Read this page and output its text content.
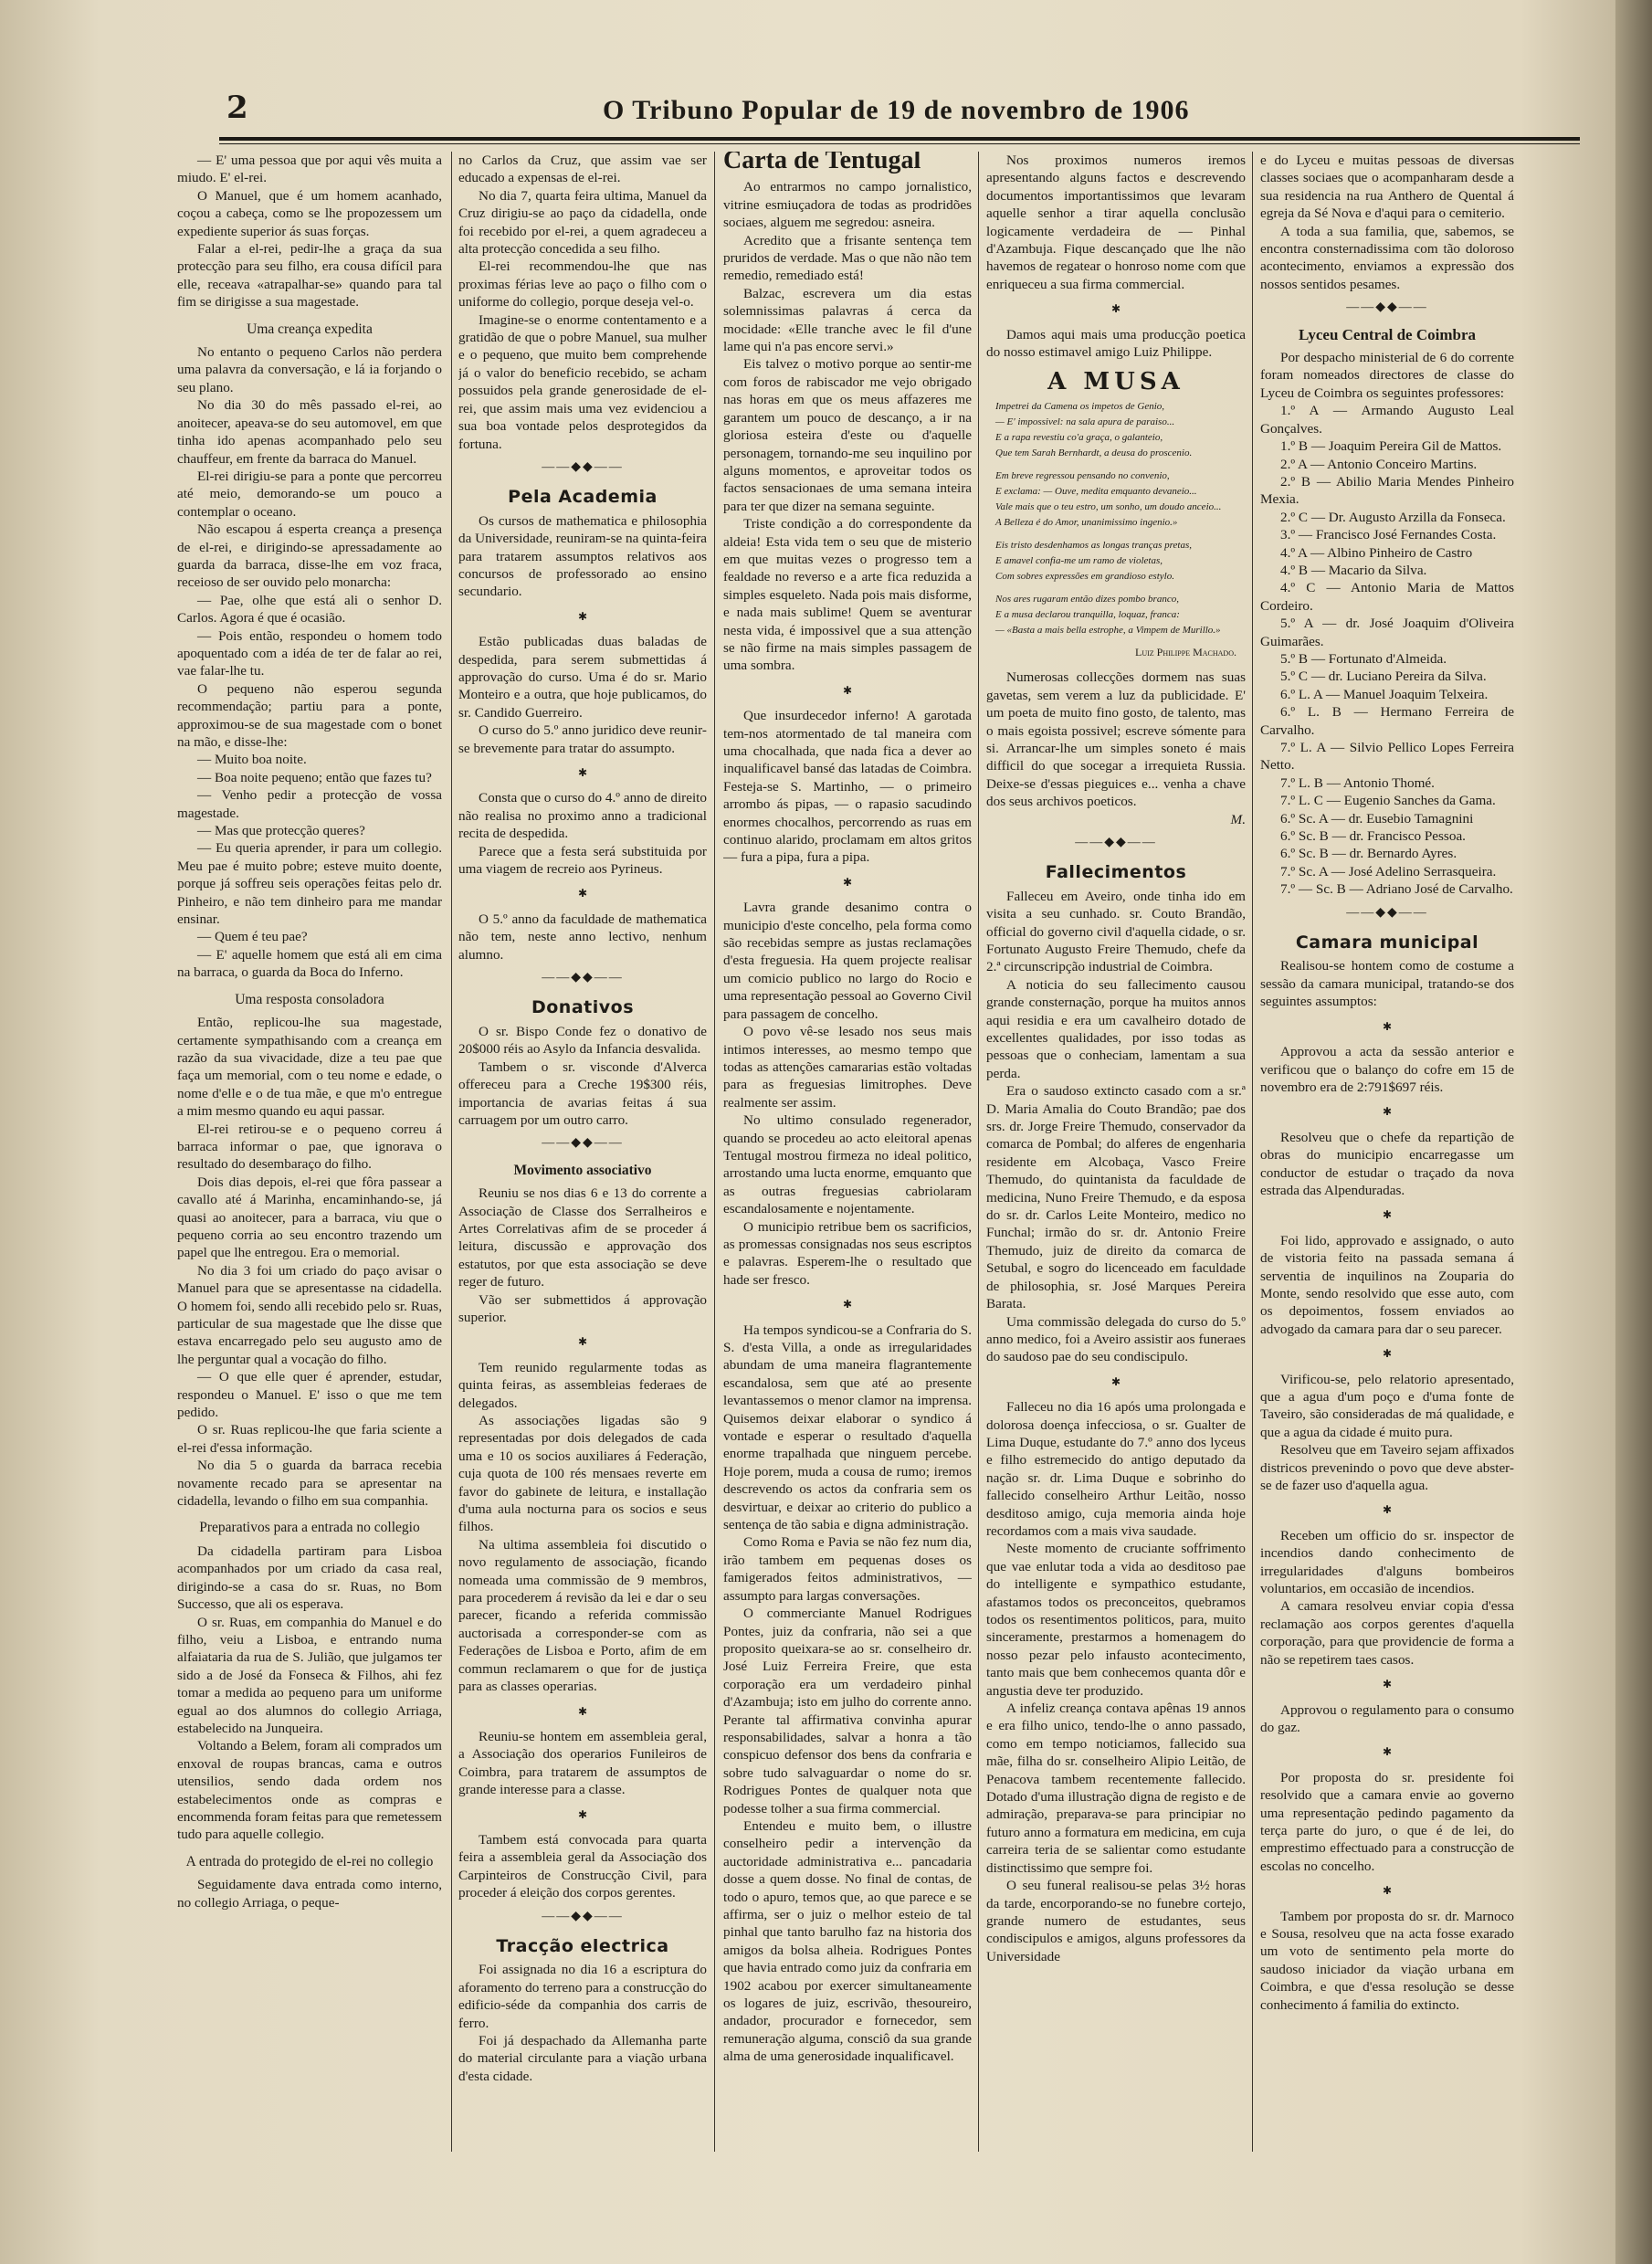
2	O Tribuno Popular de 19 de novembro de 1906

— E' uma pessoa que por aqui vês muita a miudo. E' el-rei.

O Manuel, que é um homem acanhado, coçou a cabeça, como se lhe propozessem um expediente superior ás suas forças.

Falar a el-rei, pedir-lhe a graça da sua protecção para seu filho, era cousa difícil para elle, receava «atrapalhar-se» quando para tal fim se dirigisse a sua magestade.

Uma creança expedita

No entanto o pequeno Carlos não perdera uma palavra da conversação, e lá ia forjando o seu plano.

No dia 30 do mês passado el-rei, ao anoitecer, apeava-se do seu automovel, em que tinha ido apenas acompanhado pelo seu chauffeur, em frente da barraca do Manuel.

El-rei dirigiu-se para a ponte que percorreu até meio, demorando-se um pouco a contemplar o oceano.

Não escapou á esperta creança a presença de el-rei, e dirigindo-se apressadamente ao guarda da barraca, disse-lhe em voz fraca, receioso de ser ouvido pelo monarcha:

— Pae, olhe que está ali o senhor D. Carlos. Agora é que é ocasião.

— Pois então, respondeu o homem todo apoquentado com a idéa de ter de falar ao rei, vae falar-lhe tu.

O pequeno não esperou segunda recommendação; partiu para a ponte, approximou-se de sua magestade com o bonet na mão, e disse-lhe:

— Muito boa noite.

— Boa noite pequeno; então que fazes tu?

— Venho pedir a protecção de vossa magestade.

— Mas que protecção queres?

— Eu queria aprender, ir para um collegio. Meu pae é muito pobre; esteve muito doente, porque já soffreu seis operações feitas pelo dr. Pinheiro, e não tem dinheiro para me mandar ensinar.

— Quem é teu pae?

— E' aquelle homem que está ali em cima na barraca, o guarda da Boca do Inferno.

Uma resposta consoladora

Então, replicou-lhe sua magestade, certamente sympathisando com a creança em razão da sua vivacidade, dize a teu pae que faça um memorial, com o teu nome e edade, o nome d'elle e o de tua mãe, e que m'o entregue a mim mesmo quando eu aqui passar.

El-rei retirou-se e o pequeno correu á barraca informar o pae, que ignorava o resultado do desembaraço do filho.

Dois dias depois, el-rei que fôra passear a cavallo até á Marinha, encaminhando-se, já quasi ao anoitecer, para a barraca, viu que o pequeno corria ao seu encontro trazendo um papel que lhe entregou. Era o memorial.

No dia 3 foi um criado do paço avisar o Manuel para que se apresentasse na cidadella. O homem foi, sendo alli recebido pelo sr. Ruas, particular de sua magestade que lhe disse que estava encarregado pelo seu augusto amo de lhe perguntar qual a vocação do filho.

— O que elle quer é aprender, estudar, respondeu o Manuel. E' isso o que me tem pedido.

O sr. Ruas replicou-lhe que faria sciente a el-rei d'essa informação.

No dia 5 o guarda da barraca recebia novamente recado para se apresentar na cidadella, levando o filho em sua companhia.

Preparativos para a entrada no collegio

Da cidadella partiram para Lisboa acompanhados por um criado da casa real, dirigindo-se a casa do sr. Ruas, no Bom Successo, que ali os esperava.

O sr. Ruas, em companhia do Manuel e do filho, veiu a Lisboa, e entrando numa alfaiataria da rua de S. Julião, que julgamos ter sido a de José da Fonseca & Filhos, ahi fez tomar a medida ao pequeno para um uniforme egual ao dos alumnos do collegio Arriaga, estabelecido na Junqueira.

Voltando a Belem, foram ali comprados um enxoval de roupas brancas, cama e outros utensilios, sendo dada ordem nos estabelecimentos onde as compras e encommenda foram feitas para que remetessem tudo para aquelle collegio.

A entrada do protegido de el-rei no collegio

Seguidamente dava entrada como interno, no collegio Arriaga, o peque-

no Carlos da Cruz, que assim vae ser educado a expensas de el-rei.

No dia 7, quarta feira ultima, Manuel da Cruz dirigiu-se ao paço da cidadella, onde foi recebido por el-rei, a quem agradeceu a alta protecção concedida a seu filho.

El-rei recommendou-lhe que nas proximas férias leve ao paço o filho com o uniforme do collegio, porque deseja vel-o.

Imagine-se o enorme contentamento e a gratidão de que o pobre Manuel, sua mulher e o pequeno, que muito bem comprehende já o valor do beneficio recebido, se acham possuidos pela grande generosidade de el-rei, que assim mais uma vez evidenciou a sua boa vontade pelos desprotegidos da fortuna.

——◆◆——
Pela Academia

Os cursos de mathematica e philosophia da Universidade, reuniram-se na quinta-feira para tratarem assumptos relativos aos concursos de professorado ao ensino secundario.

✱

Estão publicadas duas baladas de despedida, para serem submettidas á approvação do curso. Uma é do sr. Mario Monteiro e a outra, que hoje publicamos, do sr. Candido Guerreiro.

O curso do 5.º anno juridico deve reunir-se brevemente para tratar do assumpto.

✱

Consta que o curso do 4.º anno de direito não realisa no proximo anno a tradicional recita de despedida.

Parece que a festa será substituida por uma viagem de recreio aos Pyrineus.

✱

O 5.º anno da faculdade de mathematica não tem, neste anno lectivo, nenhum alumno.

——◆◆——
Donativos

O sr. Bispo Conde fez o donativo de 20$000 réis ao Asylo da Infancia desvalida.

Tambem o sr. visconde d'Alverca offereceu para a Creche 19$300 réis, importancia de avarias feitas á sua carruagem por um outro carro.

——◆◆——
Movimento associativo

Reuniu se nos dias 6 e 13 do corrente a Associação de Classe dos Serralheiros e Artes Correlativas afim de se proceder á leitura, discussão e approvação dos estatutos, por que esta associação se deve reger de futuro.

Vão ser submettidos á approvação superior.

✱

Tem reunido regularmente todas as quinta feiras, as assembleias federaes de delegados.

As associações ligadas são 9 representadas por dois delegados de cada uma e 10 os socios auxiliares á Federação, cuja quota de 100 rés mensaes reverte em favor do gabinete de leitura, e installação d'uma aula nocturna para os socios e seus filhos.

Na ultima assembleia foi discutido o novo regulamento de associação, ficando nomeada uma commissão de 9 membros, para procederem á revisão da lei e dar o seu parecer, ficando a referida commissão auctorisada a corresponder-se com as Federações de Lisboa e Porto, afim de em commun reclamarem o que for de justiça para as classes operarias.

✱

Reuniu-se hontem em assembleia geral, a Associação dos operarios Funileiros de Coimbra, para tratarem de assumptos de grande interesse para a classe.

✱

Tambem está convocada para quarta feira a assembleia geral da Associação dos Carpinteiros de Construcção Civil, para proceder á eleição dos corpos gerentes.

——◆◆——
Tracção electrica

Foi assignada no dia 16 a escriptura do aforamento do terreno para a construcção do edificio-séde da companhia dos carris de ferro.

Foi já despachado da Allemanha parte do material circulante para a viação urbana d'esta cidade.

Carta de Tentugal

Ao entrarmos no campo jornalistico, vitrine esmiuçadora de todas as prodridões sociaes, alguem me segredou: asneira.

Acredito que a frisante sentença tem pruridos de verdade. Mas o que não não tem remedio, remediado está!

Balzac, escrevera um dia estas solemnissimas palavras á cerca da mocidade: «Elle tranche avec le fil d'une lame qui n'a pas encore servi.»

Eis talvez o motivo porque ao sentir-me com foros de rabiscador me vejo obrigado nas horas em que os meus affazeres me garantem um pouco de descanço, a ir na gloriosa esteira d'este ou d'aquelle personagem, tornando-me seu inquilino por alguns momentos, e aproveitar todos os factos sensacionaes de uma semana inteira para ter que dizer na semana seguinte.

Triste condição a do correspondente da aldeia! Esta vida tem o seu que de misterio em que muitas vezes o progresso tem a fealdade no reverso e a arte fica reduzida a simples esqueleto. Nada pois mais disforme, e nada mais sublime! Quem se aventurar nesta vida, é impossivel que a sua attenção se não firme na mais simples passagem de uma sombra.

✱

Que insurdecedor inferno! A garotada tem-nos atormentado de tal maneira com uma chocalhada, que nada fica a dever ao inqualificavel bansé das latadas de Coimbra. Festeja-se S. Martinho, — o primeiro arrombo ás pipas, — o rapasio sacudindo enormes chocalhos, percorrendo as ruas em continuo alarido, proclamam em altos gritos — fura a pipa, fura a pipa.

✱

Lavra grande desanimo contra o municipio d'este concelho, pela forma como são recebidas sempre as justas reclamações d'esta freguesia. Ha quem projecte realisar um comicio publico no largo do Rocio e uma representação pessoal ao Governo Civil para passagem de concelho.

O povo vê-se lesado nos seus mais intimos interesses, ao mesmo tempo que todas as attenções camararias estão voltadas para as freguesias limitrophes. Deve realmente ser assim.

No ultimo consulado regenerador, quando se procedeu ao acto eleitoral apenas Tentugal mostrou firmeza no ideal politico, arrostando uma lucta enorme, emquanto que as outras freguesias cabriolaram escandalosamente e nojentamente.

O municipio retribue bem os sacrificios, as promessas consignadas nos seus escriptos e palavras. Esperem-lhe o resultado que hade ser fresco.

✱

Ha tempos syndicou-se a Confraria do S. S. d'esta Villa, a onde as irregularidades abundam de uma maneira flagrantemente escandalosa, sem que até ao presente levantassemos o menor clamor na imprensa. Quisemos deixar elaborar o syndico á vontade e esperar o resultado d'aquella enorme trapalhada que ninguem percebe. Hoje porem, muda a cousa de rumo; iremos descrevendo os actos da confraria sem os desvirtuar, e deixar ao criterio do publico a sentença de tão sabia e digna administração.

Como Roma e Pavia se não fez num dia, irão tambem em pequenas doses os famigerados feitos administrativos, — assumpto para largas conversações.

O commerciante Manuel Rodrigues Pontes, juiz da confraria, não sei a que proposito queixara-se ao sr. conselheiro dr. José Luiz Ferreira Freire, que esta corporação era um verdadeiro pinhal d'Azambuja; isto em julho do corrente anno. Perante tal affirmativa convinha apurar responsabilidades, salvar a honra a tão conspicuo defensor dos bens da confraria e sobre tudo salvaguardar o nome do sr. Rodrigues Pontes de qualquer nota que podesse tolher a sua firma commercial.

Entendeu e muito bem, o illustre conselheiro pedir a intervenção da auctoridade administrativa e... pancadaria dosse a quem dosse. No final de contas, de todo o apuro, temos que, ao que parece e se affirma, ser o juiz o melhor esteio de tal pinhal que tanto barulho faz na historia dos amigos da bolsa alheia. Rodrigues Pontes que havia entrado como juiz da confraria em 1902 acabou por exercer simultaneamente os logares de juiz, escrivão, thesoureiro, andador, procurador e fornecedor, sem remuneração alguma, consciô da sua grande alma de uma generosidade inqualificavel.

Nos proximos numeros iremos apresentando alguns factos e descrevendo documentos importantissimos que levaram aquelle senhor a tirar aquella conclusão logicamente verdadeira de — Pinhal d'Azambuja. Fique descançado que lhe não havemos de regatear o honroso nome com que enriqueceu a sua firma commercial.

✱

Damos aqui mais uma producção poetica do nosso estimavel amigo Luiz Philippe.

A MUSA
Impetrei da Camena os impetos de Genio,
— E' impossivel: na sala apura de paraiso...
E a rapa revestiu co'a graça, o galanteio,
Que tem Sarah Bernhardt, a deusa do proscenio.
Em breve regressou pensando no convenio,
E exclama: — Ouve, medita emquanto devaneio...
Vale mais que o teu estro, um sonho, um doudo anceio...
A Belleza é do Amor, unanimissimo ingenio.»
Eis tristo desdenhamos as longas tranças pretas,
E amavel confia-me um ramo de violetas,
Com sobres expressões em grandioso estylo.
Nos ares rugaram então dizes pombo branco,
E a musa declarou tranquilla, loquaz, franca:
— «Basta a mais bella estrophe, a Vimpem de Murillo.»
Luiz Philippe Machado.

Numerosas collecções dormem nas suas gavetas, sem verem a luz da publicidade. E' um poeta de muito fino gosto, de talento, mas o mais egoista possivel; escreve sómente para si. Arrancar-lhe um simples soneto é mais difficil do que socegar a irrequieta Russia. Deixe-se d'essas pieguices e... venha a chave dos seus archivos poeticos.

M.
——◆◆——
Fallecimentos

Falleceu em Aveiro, onde tinha ido em visita a seu cunhado. sr. Couto Brandão, official do governo civil d'aquella cidade, o sr. Fortunato Augusto Freire Themudo, chefe da 2.ª circunscripção industrial de Coimbra.

A noticia do seu fallecimento causou grande consternação, porque ha muitos annos aqui residia e era um cavalheiro dotado de excellentes qualidades, por isso todas as pessoas que o conheciam, lamentam a sua perda.

Era o saudoso extincto casado com a sr.ª D. Maria Amalia do Couto Brandão; pae dos srs. dr. Jorge Freire Themudo, conservador da comarca de Pombal; do alferes de engenharia residente em Alcobaça, Vasco Freire Themudo, do quintanista da faculdade de medicina, Nuno Freire Themudo, e da esposa do sr. dr. Carlos Leite Monteiro, medico no Funchal; irmão do sr. dr. Antonio Freire Themudo, juiz de direito da comarca de Setubal, e sogro do licenceado em faculdade de philosophia, sr. José Marques Pereira Barata.

Uma commissão delegada do curso do 5.º anno medico, foi a Aveiro assistir aos funeraes do saudoso pae do seu condiscipulo.

✱

Falleceu no dia 16 após uma prolongada e dolorosa doença infecciosa, o sr. Gualter de Lima Duque, estudante do 7.º anno dos lyceus e filho estremecido do antigo deputado da nação sr. dr. Lima Duque e sobrinho do fallecido conselheiro Arthur Leitão, nosso desditoso amigo, cuja memoria ainda hoje recordamos com a mais viva saudade.

Neste momento de cruciante soffrimento que vae enlutar toda a vida ao desditoso pae do intelligente e sympathico estudante, afastamos todos os preconceitos, quebramos todos os resentimentos politicos, para, muito sinceramente, prestarmos a homenagem do nosso pezar pelo infausto acontecimento, tanto mais que bem conhecemos quanta dôr e angustia deve ter produzido.

A infeliz creança contava apênas 19 annos e era filho unico, tendo-lhe o anno passado, como em tempo noticiamos, fallecido sua mãe, filha do sr. conselheiro Alipio Leitão, de Penacova tambem recentemente fallecido. Dotado d'uma illustração digna de registo e de admiração, preparava-se para principiar no futuro anno a formatura em medicina, em cuja carreira teria de se salientar como estudante distinctissimo que sempre foi.

O seu funeral realisou-se pelas 3½ horas da tarde, encorporando-se no funebre cortejo, grande numero de estudantes, seus condiscipulos e amigos, alguns professores da Universidade

e do Lyceu e muitas pessoas de diversas classes sociaes que o acompanharam desde a sua residencia na rua Anthero de Quental á egreja da Sé Nova e d'aqui para o cemiterio.

A toda a sua familia, que, sabemos, se encontra consternadissima com tão doloroso acontecimento, enviamos a expressão dos nossos sentidos pesames.

——◆◆——
Lyceu Central de Coimbra

Por despacho ministerial de 6 do corrente foram nomeados directores de classe do Lyceu de Coimbra os seguintes professores:

1.º A — Armando Augusto Leal Gonçalves.

1.º B — Joaquim Pereira Gil de Mattos.

2.º A — Antonio Conceiro Martins.

2.º B — Abilio Maria Mendes Pinheiro Mexia.

2.º C — Dr. Augusto Arzilla da Fonseca.

3.º — Francisco José Fernandes Costa.

4.º A — Albino Pinheiro de Castro

4.º B — Macario da Silva.

4.º C — Antonio Maria de Mattos Cordeiro.

5.º A — dr. José Joaquim d'Oliveira Guimarães.

5.º B — Fortunato d'Almeida.

5.º C — dr. Luciano Pereira da Silva.

6.º L. A — Manuel Joaquim Telxeira.

6.º L. B — Hermano Ferreira de Carvalho.

7.º L. A — Silvio Pellico Lopes Ferreira Netto.

7.º L. B — Antonio Thomé.

7.º L. C — Eugenio Sanches da Gama.

6.º Sc. A — dr. Eusebio Tamagnini

6.º Sc. B — dr. Francisco Pessoa.

6.º Sc. B — dr. Bernardo Ayres.

7.º Sc. A — José Adelino Serrasqueira.

7.º — Sc. B — Adriano José de Carvalho.

——◆◆——
Camara municipal

Realisou-se hontem como de costume a sessão da camara municipal, tratando-se dos seguintes assumptos:

✱

Approvou a acta da sessão anterior e verificou que o balanço do cofre em 15 de novembro era de 2:791$697 réis.

✱

Resolveu que o chefe da repartição de obras do municipio encarregasse um conductor de estudar o traçado da nova estrada das Alpenduradas.

✱

Foi lido, approvado e assignado, o auto de vistoria feito na passada semana á serventia de inquilinos na Zouparia do Monte, sendo resolvido que esse auto, com os depoimentos, fossem enviados ao advogado da camara para dar o seu parecer.

✱

Virificou-se, pelo relatorio apresentado, que a agua d'um poço e d'uma fonte de Taveiro, são consideradas de má qualidade, e que a agua da cidade é muito pura.

Resolveu que em Taveiro sejam affixados districos prevenindo o povo que deve abster-se de fazer uso d'aquella agua.

✱

Receben um officio do sr. inspector de incendios dando conhecimento de irregularidades d'alguns bombeiros voluntarios, em occasião de incendios.

A camara resolveu enviar copia d'essa reclamação aos corpos gerentes d'aquella corporação, para que providencie de forma a não se repetirem taes casos.

✱

Approvou o regulamento para o consumo do gaz.

✱

Por proposta do sr. presidente foi resolvido que a camara envie ao governo uma representação pedindo pagamento da terça parte do juro, o que é de lei, do emprestimo effectuado para a construcção de escolas no concelho.

✱

Tambem por proposta do sr. dr. Marnoco e Sousa, resolveu que na acta fosse exarado um voto de sentimento pela morte do saudoso iniciador da viação urbana em Coimbra, e que d'essa resolução se desse conhecimento á familia do extincto.
